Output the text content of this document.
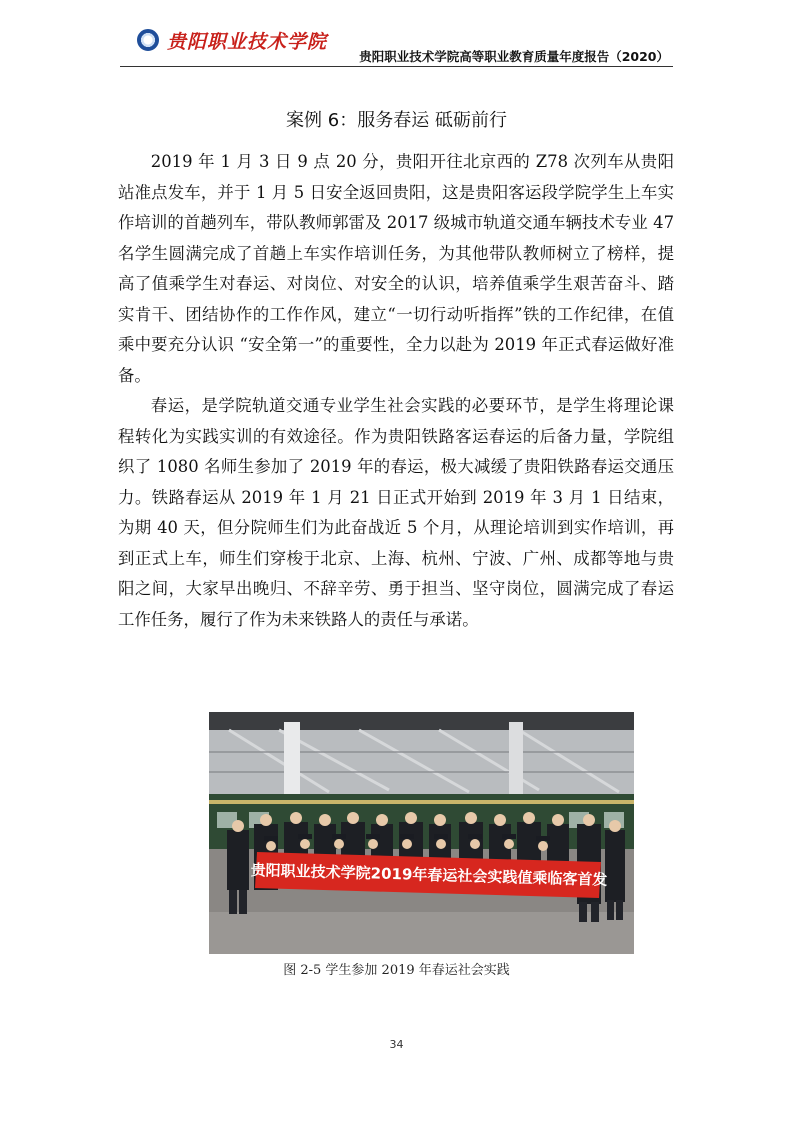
贵阳职业技术学院
贵阳职业技术学院高等职业教育质量年度报告（2020）
案例 6：服务春运 砥砺前行

2019 年 1 月 3 日 9 点 20 分，贵阳开往北京西的 Z78 次列车从贵阳站准点发车，并于 1 月 5 日安全返回贵阳，这是贵阳客运段学院学生上车实作培训的首趟列车，带队教师郭雷及 2017 级城市轨道交通车辆技术专业 47 名学生圆满完成了首趟上车实作培训任务，为其他带队教师树立了榜样，提高了值乘学生对春运、对岗位、对安全的认识，培养值乘学生艰苦奋斗、踏实肯干、团结协作的工作作风，建立“一切行动听指挥”铁的工作纪律，在值乘中要充分认识 “安全第一”的重要性，全力以赴为 2019 年正式春运做好准备。

春运，是学院轨道交通专业学生社会实践的必要环节，是学生将理论课程转化为实践实训的有效途径。作为贵阳铁路客运春运的后备力量，学院组织了 1080 名师生参加了 2019 年的春运，极大减缓了贵阳铁路春运交通压力。铁路春运从 2019 年 1 月 21 日正式开始到 2019 年 3 月 1 日结束，为期 40 天，但分院师生们为此奋战近 5 个月，从理论培训到实作培训，再到正式上车，师生们穿梭于北京、上海、杭州、宁波、广州、成都等地与贵阳之间，大家早出晚归、不辞辛劳、勇于担当、坚守岗位，圆满完成了春运工作任务，履行了作为未来铁路人的责任与承诺。

贵阳职业技术学院2019年春运社会实践值乘临客首发
图 2-5 学生参加 2019 年春运社会实践
34
